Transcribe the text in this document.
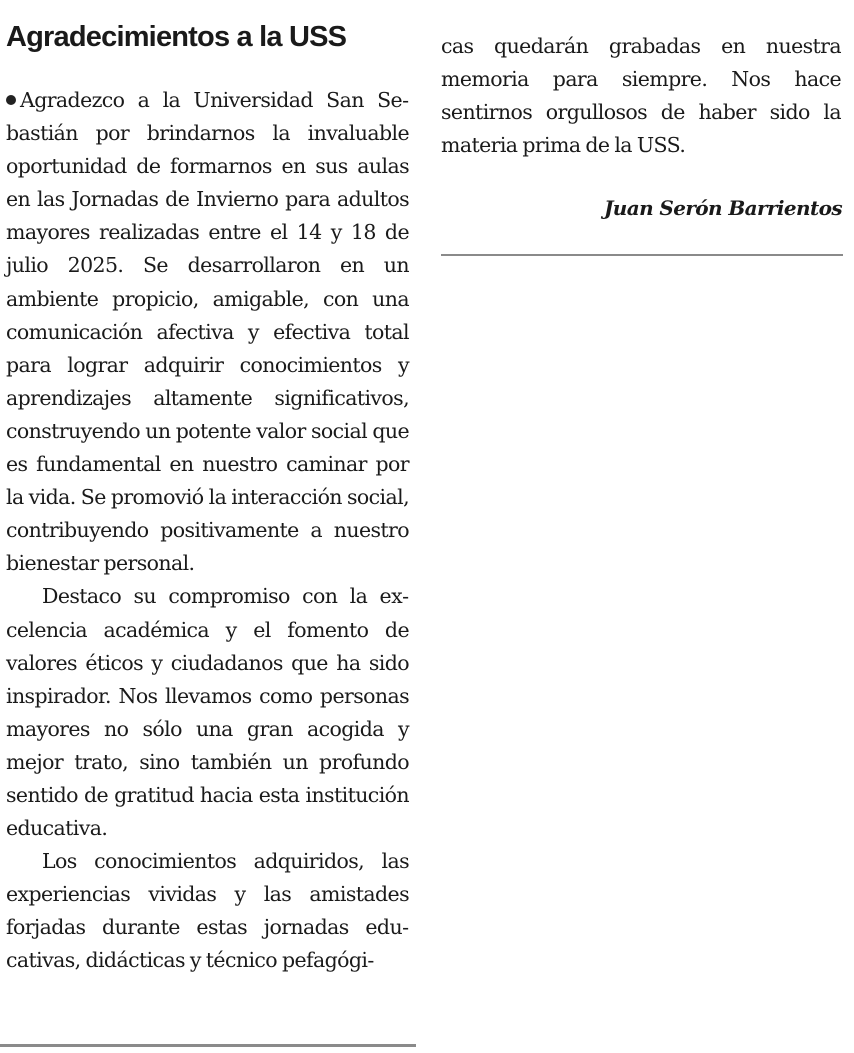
Agradecimientos a la USS

Agradezco a la Universidad San Sebastián por brindarnos la invaluable oportunidad de formarnos en sus aulas en las Jornadas de Invierno para adultos mayores realizadas entre el 14 y 18 de julio 2025. Se desarrollaron en un ambiente propicio, amigable, con una comunicación afectiva y efectiva total para lograr adquirir conocimientos y aprendizajes altamente significativos, construyendo un potente valor social que es fundamental en nuestro caminar por la vida. Se promovió la interacción social, contribuyendo positivamente a nuestro bienestar personal.

Destaco su compromiso con la excelencia académica y el fomento de valores éticos y ciudadanos que ha sido inspirador. Nos llevamos como personas mayores no sólo una gran acogida y mejor trato, sino también un profundo sentido de gratitud hacia esta institución educativa.

Los conocimientos adquiridos, las experiencias vividas y las amistades forjadas durante estas jornadas educativas, didácticas y técnico pefagógi-

cas quedarán grabadas en nuestra memoria para siempre. Nos hace sentirnos orgullosos de haber sido la materia prima de la USS.

Juan Serón Barrientos
